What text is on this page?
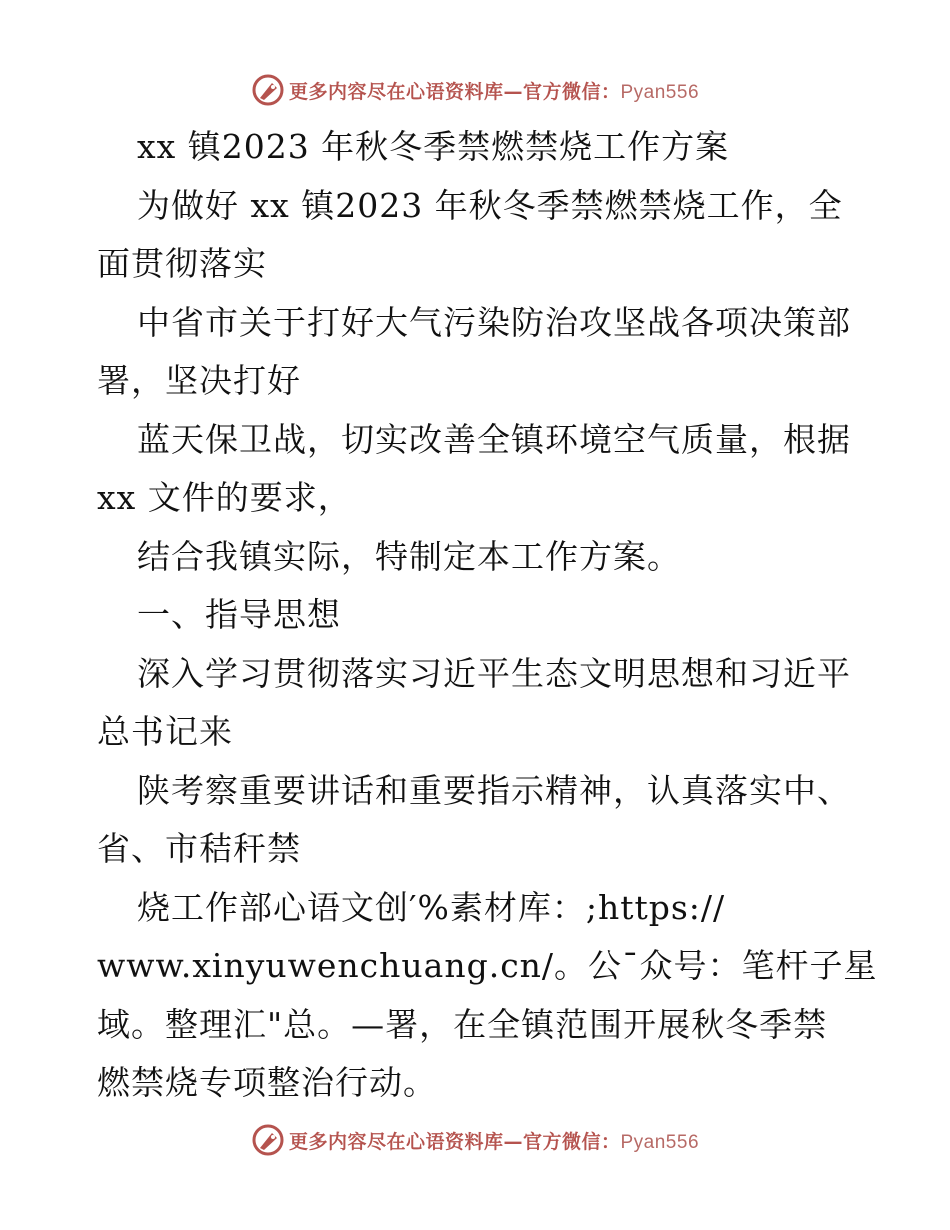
更多内容尽在心语资料库—官方微信：Pyan556
xx 镇2023 年秋冬季禁燃禁烧工作方案
为做好 xx 镇2023 年秋冬季禁燃禁烧工作，全
面贯彻落实
中省市关于打好大气污染防治攻坚战各项决策部
署，坚决打好
蓝天保卫战，切实改善全镇环境空气质量，根据
xx 文件的要求，
结合我镇实际，特制定本工作方案。
一、指导思想
深入学习贯彻落实习近平生态文明思想和习近平
总书记来
陕考察重要讲话和重要指示精神，认真落实中、
省、市秸秆禁
烧工作部心语文创′%素材库：;https://
www.xinyuwenchuang.cn/。公¯众号：笔杆子星
域。整理汇"总。—署，在全镇范围开展秋冬季禁
燃禁烧专项整治行动。
更多内容尽在心语资料库—官方微信：Pyan556
